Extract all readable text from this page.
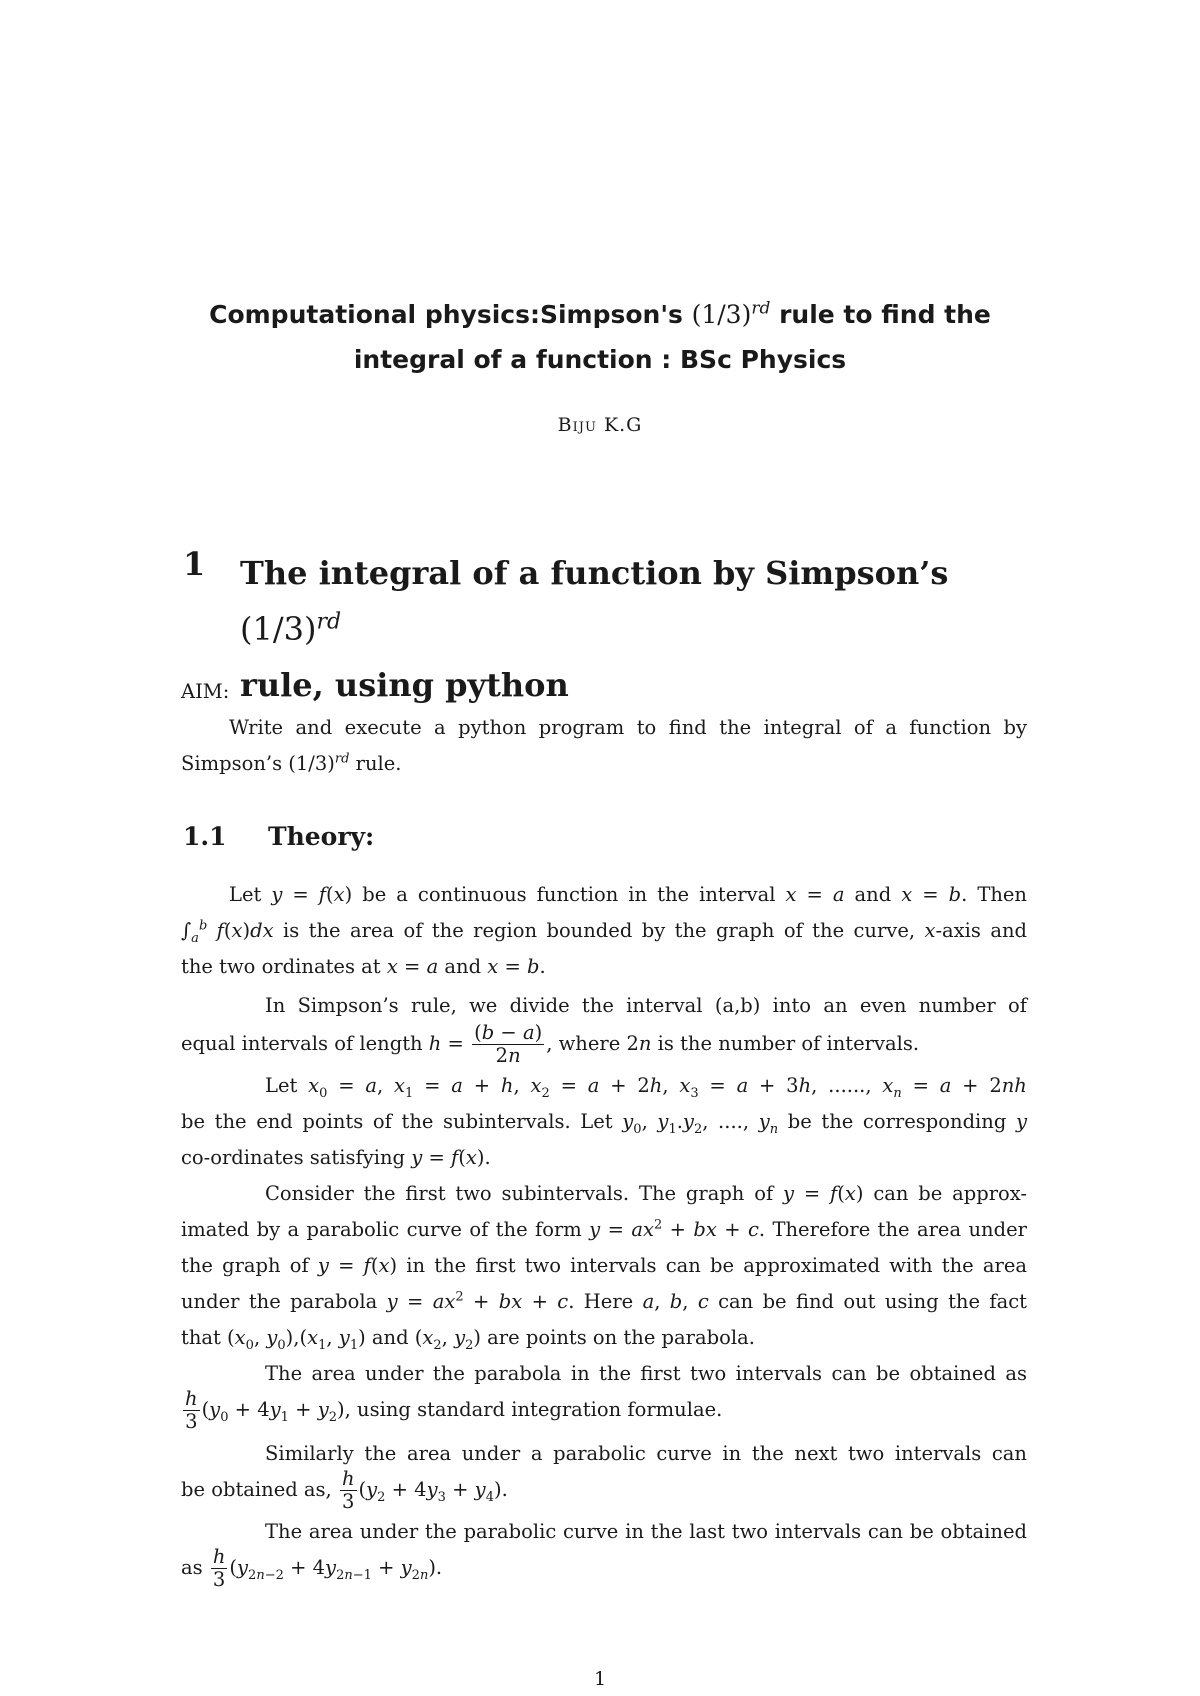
Computational physics:Simpson's $(1/3)^{rd}$ rule to find the
integral of a function : BSc Physics
Biju K.G
1 The integral of a function by Simpson’s $(1/3)^{rd}$
rule, using python
AIM:
Write and execute a python program to find the integral of a function by
Simpson’s $(1/3)^{rd}$ rule.
1.1 Theory:
Let y = f(x) be a continuous function in the interval x = a and x = b. Then
$\int_a^b$ f(x)dx is the area of the region bounded by the graph of the curve, x-axis and
the two ordinates at x = a and x = b.
In Simpson’s rule, we divide the interval (a,b) into an even number of
equal intervals of length $h = \frac{(b - a)}{2n}$ , where 2n is the number of intervals.
Let $x_0 = a$, $x_1 = a + h$, $x_2 = a + 2h$, $x_3 = a + 3h$, ......, $x_n = a + 2nh$
be the end points of the subintervals. Let $y_0$, $y_1.y_2$, ...., $y_n$ be the corresponding y
co-ordinates satisfying y = f(x).
Consider the first two subintervals. The graph of y = f(x) can be approx-
imated by a parabolic curve of the form $y = ax^2$ + bx + c. Therefore the area under
the graph of y = f(x) in the first two intervals can be approximated with the area
under the parabola $y = ax^2$ + bx + c. Here a, b, c can be find out using the fact
that ($x_0$, $y_0),(x_1$, $y_1$) and ($x_2$, $y_2$) are points on the parabola.
The area under the parabola in the first two intervals can be obtained as
$\frac{h}{3} (y_0 + 4y_1 + y_2)$, using standard integration formulae.
Similarly the area under a parabolic curve in the next two intervals can
be obtained as, $\frac{h}{3} (y_2 + 4y_3 + y_4)$.
The area under the parabolic curve in the last two intervals can be obtained
as $\frac{h}{3} (y_{2n-2} + 4y_{2n-1} + y_{2n})$.
1
